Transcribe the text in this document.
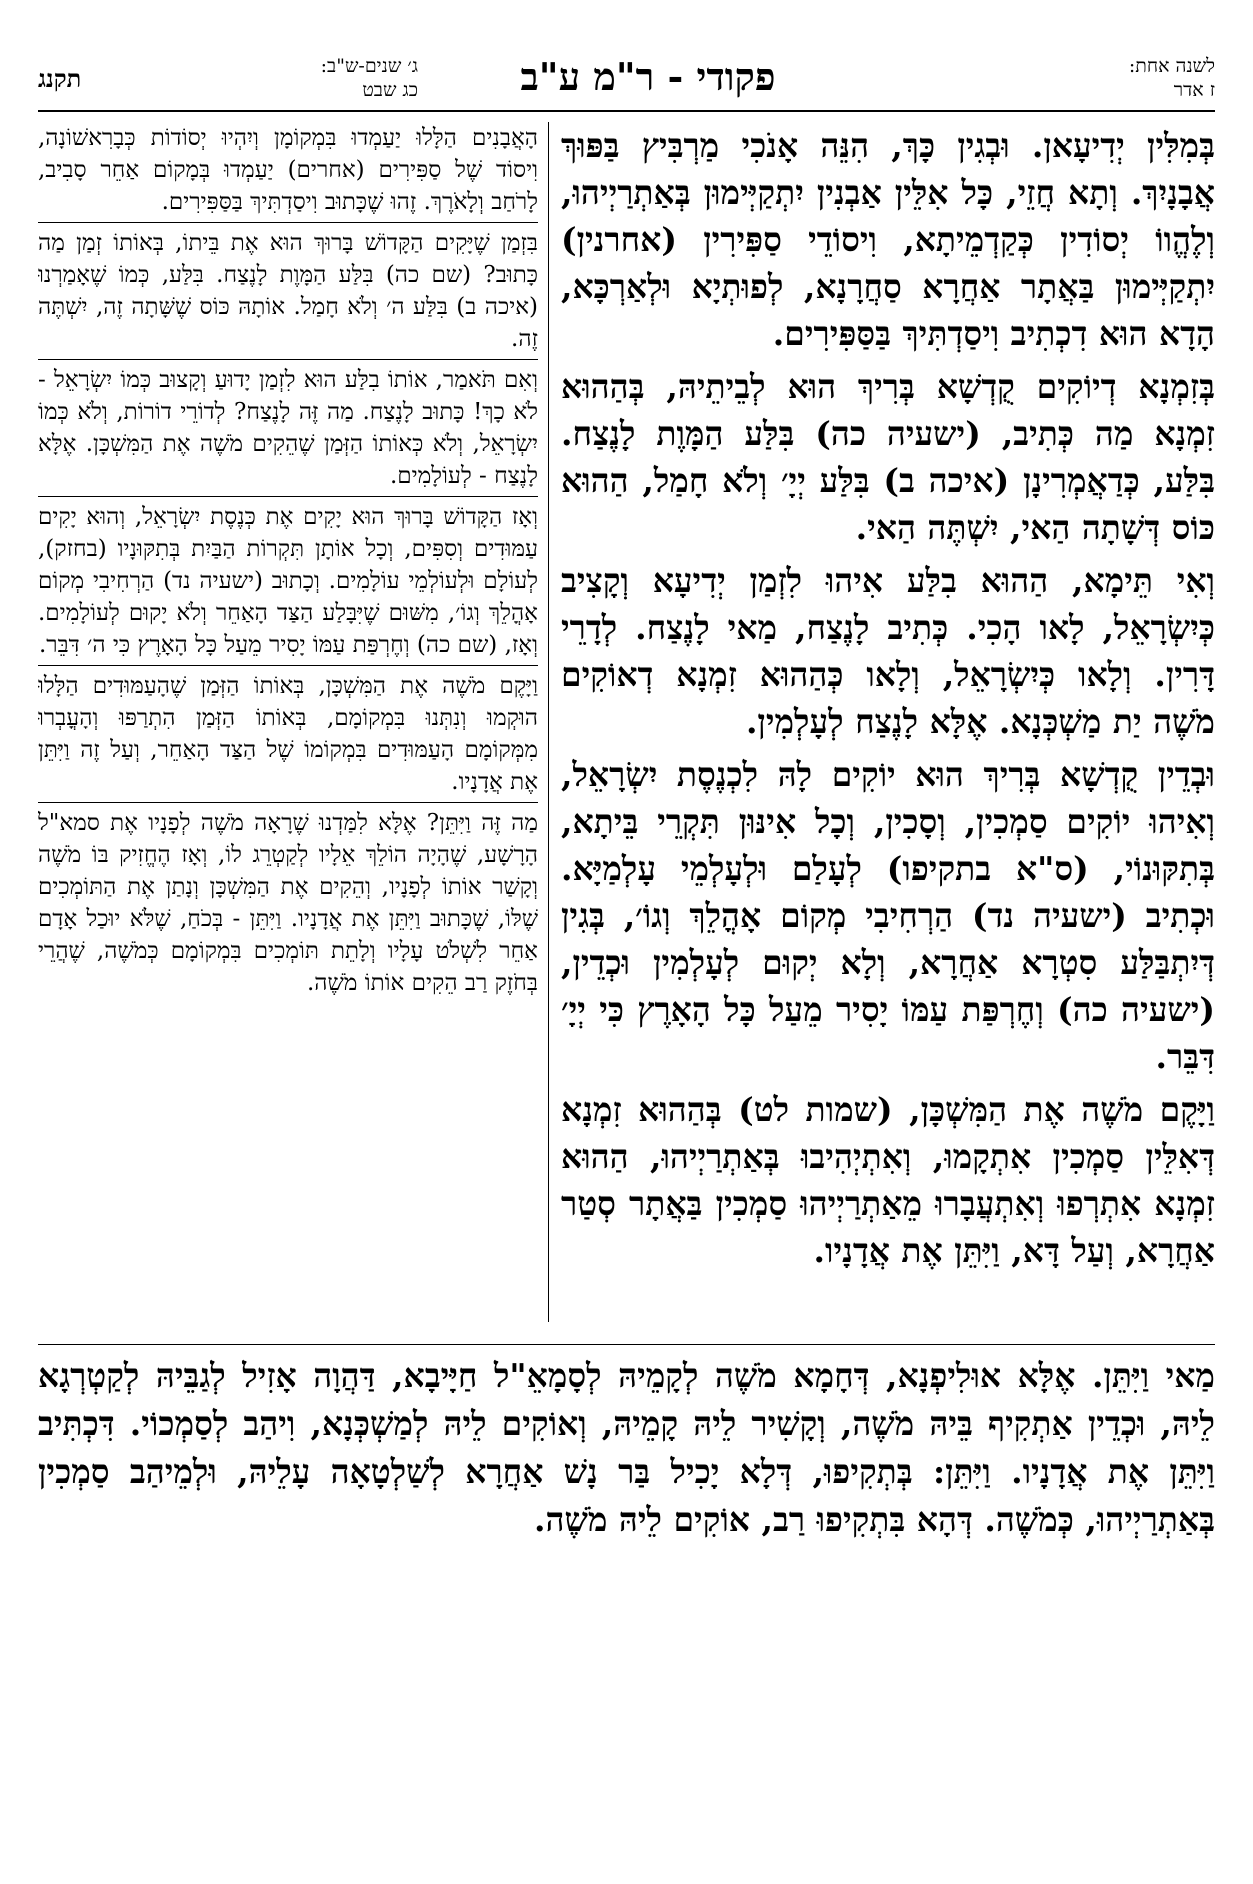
לשנה אחת:
ז אדר
פקודי - ר"מ ע"ב
ג׳ שנים-ש"ב:
כג שבט
תקנג

בְּמִלִּין יְדִיעָאן. וּבְגִין כָּךְ, הִנֵּה אָנֹכִי מַרְבִּיץ בַּפּוּךְ אֲבָנָיִךְ. וְתָא חֲזֵי, כָּל אִלֵּין אַבְנִין יִתְקַיְּימוּן בְּאַתְרַיְיהוּ, וְלֶהֱווֹ יְסוֹדִין כְּקַדְמֵיתָא, וִיסוֹדֵי סַפִּירִין (אחרנין) יִתְקַיְּימוּן בַּאֲתָר אַחֲרָא סַחֲרָנָא, לְפוּתְיָא וּלְאַרְכָּא, הָדָא הוּא דִכְתִיב וִיסַדְתִּיךְ בַּסַּפִּירִים.

בְּזִמְנָא דְיוֹקִים קֻדְשָׁא בְּרִיךְ הוּא לְבֵיתֵיהּ, בְּהַהוּא זִמְנָא מַה כְּתִיב, (ישעיה כה) בִּלַּע הַמָּוֶת לָנֶצַח. בִּלַּע, כְּדַאֲמְרִינָן (איכה ב) בִּלַּע יְיָ׳ וְלֹא חָמַל, הַהוּא כּוֹס דְּשָׁתָה הַאי, יִשְׁתֶּה הַאי.

וְאִי תֵּימָא, הַהוּא בִלַּע אִיהוּ לִזְמַן יְדִיעָא וְקָצִיב כְּיִשְׂרָאֵל, לָאו הָכִי. כְּתִיב לָנֶצַח, מַאי לָנֶצַח. לְדָרֵי דָּרִין. וְלָאו כְּיִשְׂרָאֵל, וְלָאו כְּהַהוּא זִמְנָא דְאוֹקִים מֹשֶׁה יַת מַשְׁכְּנָא. אֶלָּא לָנֶצַח לְעָלְמִין.

וּבְדֵין קֻדְשָׁא בְּרִיךְ הוּא יוֹקִים לָהּ לִכְנֶסֶת יִשְׂרָאֵל, וְאִיהוּ יוֹקִים סַמְכִין, וְסָכִין, וְכָל אִינּוּן תִּקְרֵי בֵּיתָא, בְּתִקּוּנוֹי, (ס"א בתקיפו) לְעָלַם וּלְעָלְמֵי עָלְמַיָּא. וּכְתִיב (ישעיה נד) הַרְחִיבִי מְקוֹם אָהֳלֵךְ וְגוֹ׳, בְּגִין דְּיִתְבַּלַּע סִטְרָא אַחֲרָא, וְלָא יְקוּם לְעָלְמִין וּכְדֵין, (ישעיה כה) וְחֶרְפַּת עַמּוֹ יָסִיר מֵעַל כָּל הָאָרֶץ כִּי יְיָ׳ דִּבֵּר.

וַיָּקֶם מֹשֶׁה אֶת הַמִּשְׁכָּן, (שמות לט) בְּהַהוּא זִמְנָא דְּאִלֵּין סַמְכִין אִתְקָמוּ, וְאִתְיְהִיבוּ בְּאַתְרַיְיהוּ, הַהוּא זִמְנָא אִתְרְפוּ וְאִתְעֲבָרוּ מֵאַתְרַיְיהוּ סַמְכִין בַּאֲתָר סְטַר אַחֲרָא, וְעַל דָּא, וַיִּתֵּן אֶת אֲדָנָיו.

הָאֲבָנִים הַלָּלוּ יַעַמְדוּ בִּמְקוֹמָן וְיִהְיוּ יְסוֹדוֹת כְּבָרִאשׁוֹנָה, וִיסוֹד שֶׁל סַפִּירִים (אחרים) יַעַמְדוּ בְּמָקוֹם אַחֵר סָבִיב, לָרֹחַב וְלָאֹרֶךְ. זֶהוּ שֶׁכָּתוּב וִיסַדְתִּיךְ בַּסַּפִּירִים.

בִּזְמַן שֶׁיָּקִים הַקָּדוֹשׁ בָּרוּךְ הוּא אֶת בֵּיתוֹ, בְּאוֹתוֹ זְמַן מַה כָּתוּב? (שם כה) בִּלַּע הַמָּוֶת לָנֶצַח. בִּלַּע, כְּמוֹ שֶׁאָמַרְנוּ (איכה ב) בִּלַּע ה׳ וְלֹא חָמַל. אוֹתָהּ כּוֹס שֶׁשָּׁתָה זֶה, יִשְׁתֶּה זֶה.

וְאִם תֹּאמַר, אוֹתוֹ בִלַּע הוּא לִזְמַן יָדוּעַ וְקָצוּב כְּמוֹ יִשְׂרָאֵל - לֹא כָךְ! כָּתוּב לָנֶצַח. מַה זֶּה לָנֶצַח? לְדוֹרֵי דוֹרוֹת, וְלֹא כְּמוֹ יִשְׂרָאֵל, וְלֹא כְּאוֹתוֹ הַזְּמַן שֶׁהֵקִים מֹשֶׁה אֶת הַמִּשְׁכָּן. אֶלָּא לָנֶצַח - לְעוֹלָמִים.

וְאָז הַקָּדוֹשׁ בָּרוּךְ הוּא יָקִים אֶת כְּנֶסֶת יִשְׂרָאֵל, וְהוּא יָקִים עַמּוּדִים וְסִפִּים, וְכָל אוֹתָן תִּקְרוֹת הַבַּיִת בְּתִקּוּנָיו (בחזק), לְעוֹלָם וּלְעוֹלְמֵי עוֹלָמִים. וְכָתוּב (ישעיה נד) הַרְחִיבִי מְקוֹם אָהֳלֵךְ וְגוֹ׳, מִשּׁוּם שֶׁיִּבָּלַע הַצַּד הָאַחֵר וְלֹא יָקוּם לְעוֹלָמִים. וְאָז, (שם כה) וְחֶרְפַּת עַמּוֹ יָסִיר מֵעַל כָּל הָאָרֶץ כִּי ה׳ דִּבֵּר.

וַיָּקֶם מֹשֶׁה אֶת הַמִּשְׁכָּן, בְּאוֹתוֹ הַזְּמַן שֶׁהָעַמּוּדִים הַלָּלוּ הוּקְמוּ וְנִתְּנוּ בִּמְקוֹמָם, בְּאוֹתוֹ הַזְּמַן הִתְרַפּוּ וְהָעֳבְרוּ מִמְּקוֹמָם הָעַמּוּדִים בִּמְקוֹמוֹ שֶׁל הַצַּד הָאַחֵר, וְעַל זֶה וַיִּתֵּן אֶת אֲדָנָיו.

מַה זֶּה וַיִּתֵּן? אֶלָּא לִמַּדְנוּ שֶׁרָאָה מֹשֶׁה לְפָנָיו אֶת סמא"ל הָרָשָׁע, שֶׁהָיָה הוֹלֵךְ אֵלָיו לְקַטְרֵג לוֹ, וְאָז הֶחֱזִיק בּוֹ מֹשֶׁה וְקָשַׁר אוֹתוֹ לְפָנָיו, וְהֵקִים אֶת הַמִּשְׁכָּן וְנָתַן אֶת הַתּוֹמְכִים שֶׁלּוֹ, שֶׁכָּתוּב וַיִּתֵּן אֶת אֲדָנָיו. וַיִּתֵּן - בְּכֹחַ, שֶׁלֹּא יוּכַל אָדָם אַחֵר לִשְׁלֹט עָלָיו וְלָתֵת תּוֹמְכִים בִּמְקוֹמָם כְּמֹשֶׁה, שֶׁהֲרֵי בְּחֹזֶק רַב הֵקִים אוֹתוֹ מֹשֶׁה.

מַאי וַיִּתֵּן. אֶלָּא אוּלִיפְנָא, דְּחָמָא מֹשֶׁה לְקָמֵיהּ לְסָמָאֵ"ל חַיָּיבָא, דַּהֲוָה אָזִיל לְגַבֵּיהּ לְקַטְרְגָא לֵיהּ, וּכְדֵין אַתְקִיף בֵּיהּ מֹשֶׁה, וְקָשִׁיר לֵיהּ קָמֵיהּ, וְאוֹקִים לֵיהּ לְמַשְׁכְּנָא, וִיהַב לְסַמְכוֹי. דִּכְתִּיב וַיִּתֵּן אֶת אֲדָנָיו. וַיִּתֵּן: בְּתְקִיפוּ, דְּלָא יָכִיל בַּר נָשׁ אַחֲרָא לְשַׁלְטָאָה עָלֵיהּ, וּלְמֵיהַב סַמְכִין בְּאַתְרַיְיהוּ, כְּמֹשֶׁה. דְּהָא בִּתְקִיפוּ רַב, אוֹקִים לֵיהּ מֹשֶׁה.
